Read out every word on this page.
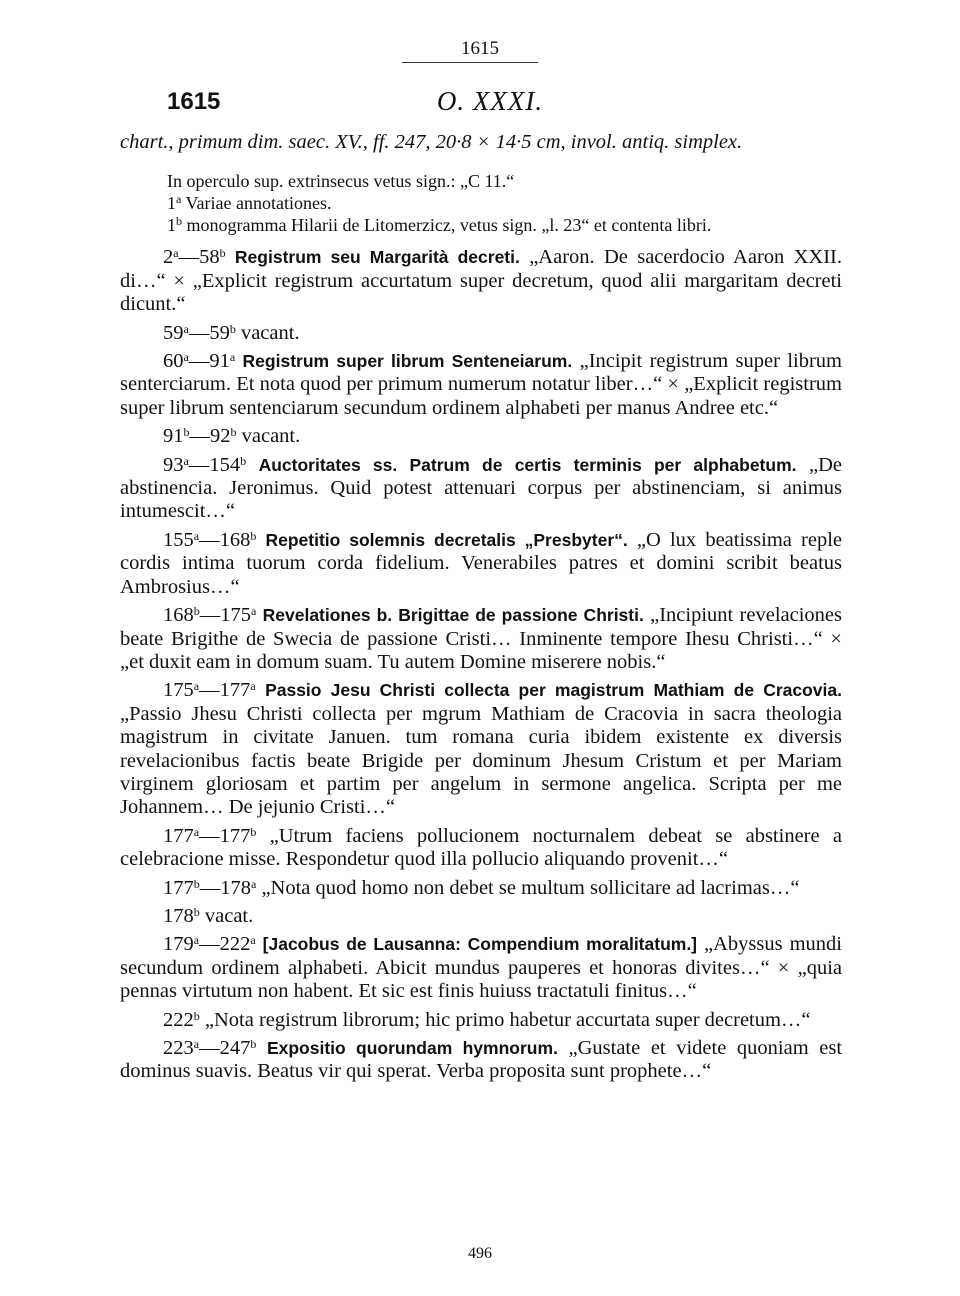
1615
1615	O. XXXI.

chart., primum dim. saec. XV., ff. 247, 20·8 × 14·5 cm, invol. antiq. simplex.

In operculo sup. extrinsecus vetus sign.: „C 11.“

1$^a$ Variae annotationes.

1$^b$ monogramma Hilarii de Litomerzicz, vetus sign. „l. 23“ et contenta libri.

2$^a$—58$^b$ Registrum seu Margarità decreti. „Aaron. De sacerdocio Aaron XXII. di…“ × „Explicit registrum accurtatum super decretum, quod alii margaritam decreti dicunt.“

59$^a$—59$^b$ vacant.

60$^a$—91$^a$ Registrum super librum Senteneiarum. „Incipit registrum super librum senterciarum. Et nota quod per primum numerum notatur liber…“ × „Explicit registrum super librum sentenciarum secundum ordinem alphabeti per manus Andree etc.“

91$^b$—92$^b$ vacant.

93$^a$—154$^b$ Auctoritates ss. Patrum de certis terminis per alphabetum. „De abstinencia. Jeronimus. Quid potest attenuari corpus per abstinenciam, si animus intumescit…“

155$^a$—168$^b$ Repetitio solemnis decretalis „Presbyter“. „O lux beatissima reple cordis intima tuorum corda fidelium. Venerabiles patres et domini scribit beatus Ambrosius…“

168$^b$—175$^a$ Revelationes b. Brigittae de passione Christi. „Incipiunt revelaciones beate Brigithe de Swecia de passione Cristi… Inminente tempore Ihesu Christi…“ × „et duxit eam in domum suam. Tu autem Domine miserere nobis.“

175$^a$—177$^a$ Passio Jesu Christi collecta per magistrum Mathiam de Cracovia. „Passio Jhesu Christi collecta per mgrum Mathiam de Cracovia in sacra theologia magistrum in civitate Januen. tum romana curia ibidem existente ex diversis revelacionibus factis beate Brigide per dominum Jhesum Cristum et per Mariam virginem gloriosam et partim per angelum in sermone angelica. Scripta per me Johannem… De jejunio Cristi…“

177$^a$—177$^b$ „Utrum faciens pollucionem nocturnalem debeat se abstinere a celebracione misse. Respondetur quod illa pollucio aliquando provenit…“

177$^b$—178$^a$ „Nota quod homo non debet se multum sollicitare ad lacrimas…“

178$^b$ vacat.

179$^a$—222$^a$ [Jacobus de Lausanna: Compendium moralitatum.] „Abyssus mundi secundum ordinem alphabeti. Abicit mundus pauperes et honoras divites…“ × „quia pennas virtutum non habent. Et sic est finis huiuss tractatuli finitus…“

222$^b$ „Nota registrum librorum; hic primo habetur accurtata super decretum…“

223$^a$—247$^b$ Expositio quorundam hymnorum. „Gustate et videte quoniam est dominus suavis. Beatus vir qui sperat. Verba proposita sunt prophete…“

496
